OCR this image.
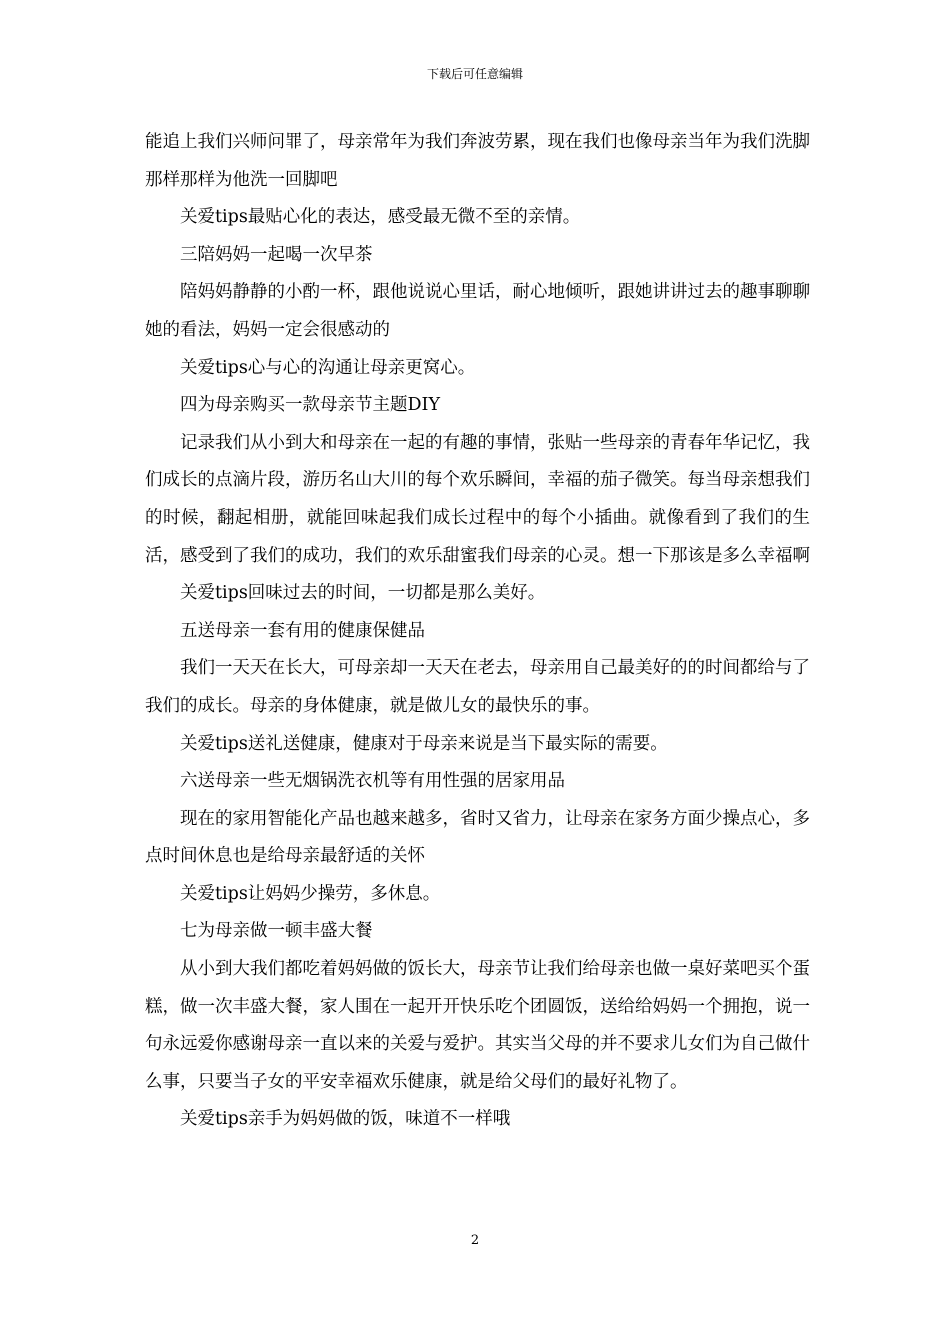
下载后可任意编辑

能追上我们兴师问罪了，母亲常年为我们奔波劳累，现在我们也像母亲当年为我们洗脚那样那样为他洗一回脚吧

关爱tips最贴心化的表达，感受最无微不至的亲情。

三陪妈妈一起喝一次早茶

陪妈妈静静的小酌一杯，跟他说说心里话，耐心地倾听，跟她讲讲过去的趣事聊聊她的看法，妈妈一定会很感动的

关爱tips心与心的沟通让母亲更窝心。

四为母亲购买一款母亲节主题DIY

记录我们从小到大和母亲在一起的有趣的事情，张贴一些母亲的青春年华记忆，我们成长的点滴片段，游历名山大川的每个欢乐瞬间，幸福的茄子微笑。每当母亲想我们的时候，翻起相册，就能回味起我们成长过程中的每个小插曲。就像看到了我们的生活，感受到了我们的成功，我们的欢乐甜蜜我们母亲的心灵。想一下那该是多么幸福啊

关爱tips回味过去的时间，一切都是那么美好。

五送母亲一套有用的健康保健品

我们一天天在长大，可母亲却一天天在老去，母亲用自己最美好的的时间都给与了我们的成长。母亲的身体健康，就是做儿女的最快乐的事。

关爱tips送礼送健康，健康对于母亲来说是当下最实际的需要。

六送母亲一些无烟锅洗衣机等有用性强的居家用品

现在的家用智能化产品也越来越多，省时又省力，让母亲在家务方面少操点心，多点时间休息也是给母亲最舒适的关怀

关爱tips让妈妈少操劳，多休息。

七为母亲做一顿丰盛大餐

从小到大我们都吃着妈妈做的饭长大，母亲节让我们给母亲也做一桌好菜吧买个蛋糕，做一次丰盛大餐，家人围在一起开开快乐吃个团圆饭，送给给妈妈一个拥抱，说一句永远爱你感谢母亲一直以来的关爱与爱护。其实当父母的并不要求儿女们为自己做什么事，只要当子女的平安幸福欢乐健康，就是给父母们的最好礼物了。

关爱tips亲手为妈妈做的饭，味道不一样哦

2
